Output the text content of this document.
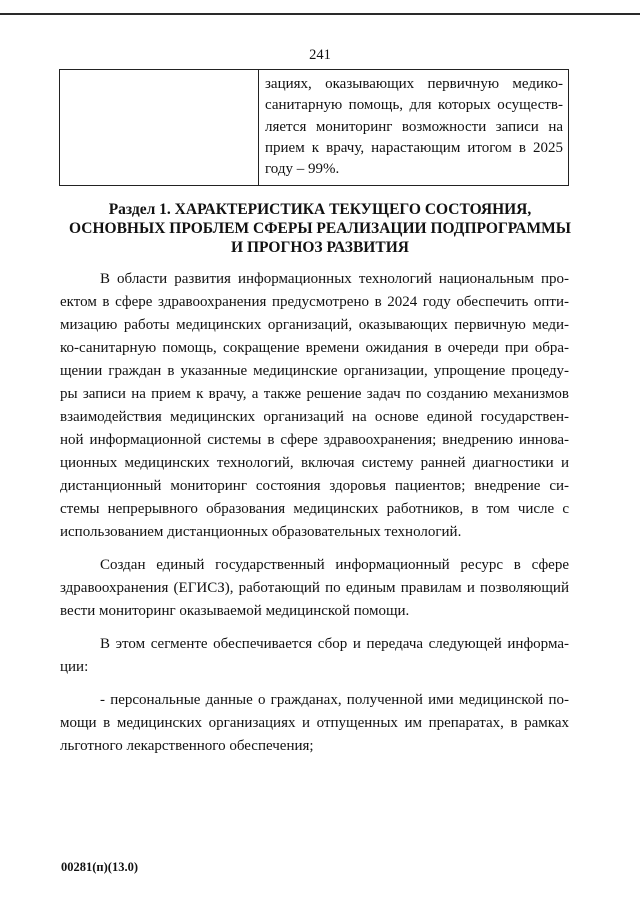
241

зациях, оказывающих первичную медико-
санитарную помощь, для которых осуществ-
ляется мониторинг возможности записи на
прием к врачу, нарастающим итогом в 2025
году – 99%.
Раздел 1. ХАРАКТЕРИСТИКА ТЕКУЩЕГО СОСТОЯНИЯ,
ОСНОВНЫХ ПРОБЛЕМ СФЕРЫ РЕАЛИЗАЦИИ ПОДПРОГРАММЫ
И ПРОГНОЗ РАЗВИТИЯ
В области развития информационных технологий национальным про-
ектом в сфере здравоохранения предусмотрено в 2024 году обеспечить опти-
мизацию работы медицинских организаций, оказывающих первичную меди-
ко-санитарную помощь, сокращение времени ожидания в очереди при обра-
щении граждан в указанные медицинские организации, упрощение процеду-
ры записи на прием к врачу, а также решение задач по созданию механизмов
взаимодействия медицинских организаций на основе единой государствен-
ной информационной системы в сфере здравоохранения; внедрению иннова-
ционных медицинских технологий, включая систему ранней диагностики и
дистанционный мониторинг состояния здоровья пациентов; внедрение си-
стемы непрерывного образования медицинских работников, в том числе с
использованием дистанционных образовательных технологий.
Создан единый государственный информационный ресурс в сфере
здравоохранения (ЕГИСЗ), работающий по единым правилам и позволяющий
вести мониторинг оказываемой медицинской помощи.
В этом сегменте обеспечивается сбор и передача следующей информа-
ции:
- персональные данные о гражданах, полученной ими медицинской по-
мощи в медицинских организациях и отпущенных им препаратах, в рамках
льготного лекарственного обеспечения;
00281(п)(13.0)
